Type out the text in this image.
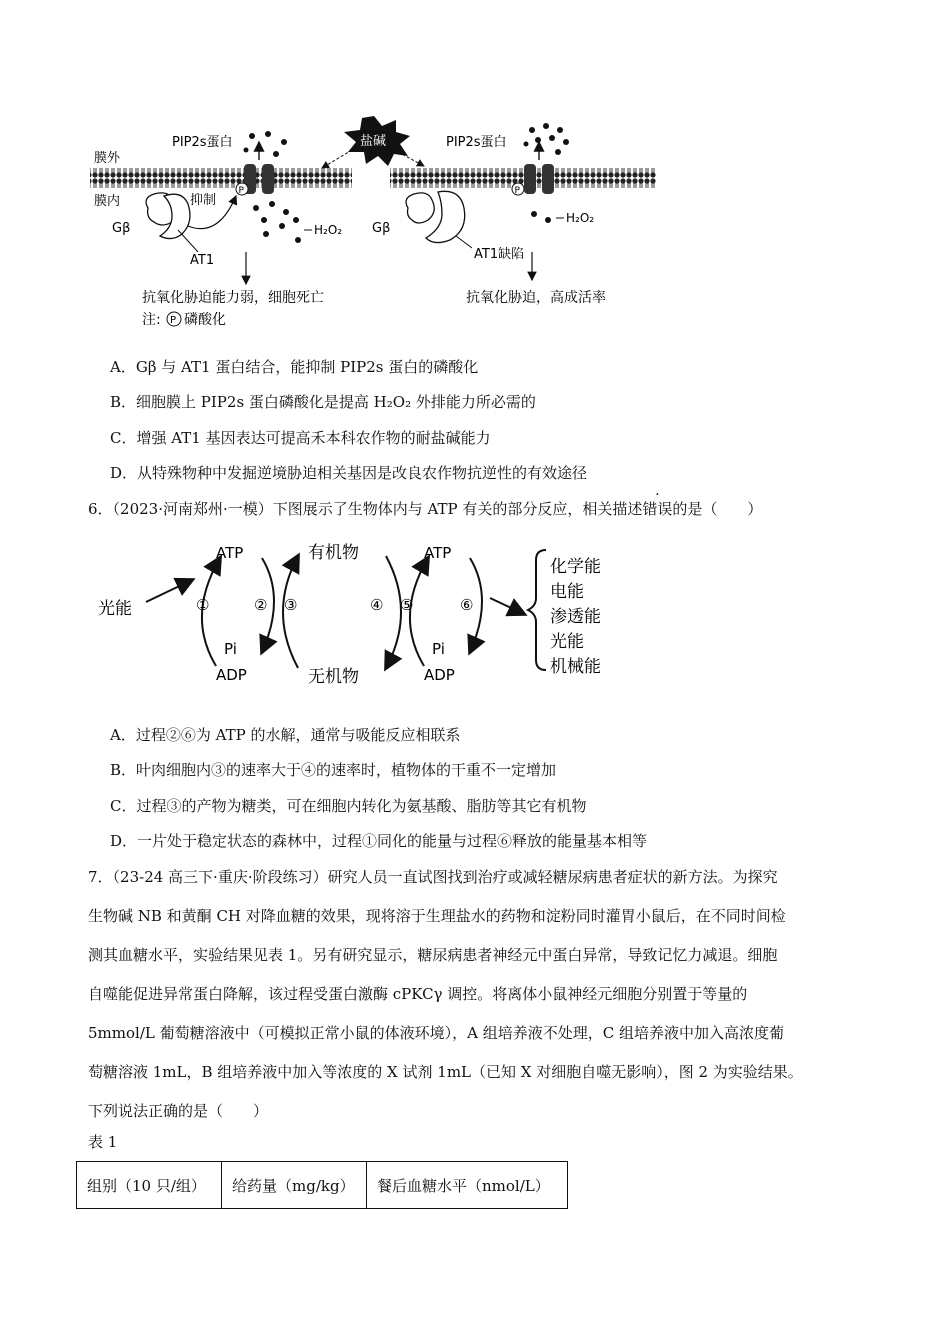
膜外
膜内
PIP2s蛋白
P
H₂O₂
Gβ
AT1
抑制
抗氧化胁迫能力弱，细胞死亡
注: P 磷酸化
盐碱	PIP2s蛋白
P
H₂O₂
Gβ
AT1缺陷
抗氧化胁迫，高成活率
A．Gβ 与 AT1 蛋白结合，能抑制 PIP2s 蛋白的磷酸化
B．细胞膜上 PIP2s 蛋白磷酸化是提高 H₂O₂ 外排能力所必需的
C．增强 AT1 基因表达可提高禾本科农作物的耐盐碱能力
D．从特殊物种中发掘逆境胁迫相关基因是改良农作物抗逆性的有效途径
6．（2023·河南郑州·一模）下图展示了生物体内与 ATP 有关的部分反应，相关描述错误的是（　　）
光能
ATP
ADP
Pi
①	②
有机物
无机物
③	④
ATP
ADP
Pi
⑤	⑥
化学能
电能
渗透能
光能
机械能
A．过程②⑥为 ATP 的水解，通常与吸能反应相联系
B．叶肉细胞内③的速率大于④的速率时，植物体的干重不一定增加
C．过程③的产物为糖类，可在细胞内转化为氨基酸、脂肪等其它有机物
D．一片处于稳定状态的森林中，过程①同化的能量与过程⑥释放的能量基本相等
7．（23-24 高三下·重庆·阶段练习）研究人员一直试图找到治疗或减轻糖尿病患者症状的新方法。为探究
生物碱 NB 和黄酮 CH 对降血糖的效果，现将溶于生理盐水的药物和淀粉同时灌胃小鼠后，在不同时间检
测其血糖水平，实验结果见表 1。另有研究显示，糖尿病患者神经元中蛋白异常，导致记忆力减退。细胞
自噬能促进异常蛋白降解，该过程受蛋白激酶 cPKCγ 调控。将离体小鼠神经元细胞分别置于等量的
5mmol/L 葡萄糖溶液中（可模拟正常小鼠的体液环境），A 组培养液不处理，C 组培养液中加入高浓度葡
萄糖溶液 1mL，B 组培养液中加入等浓度的 X 试剂 1mL（已知 X 对细胞自噬无影响），图 2 为实验结果。
下列说法正确的是（　　）
表 1
组别（10 只/组）	给药量（mg/kg）	餐后血糖水平（nmol/L）
